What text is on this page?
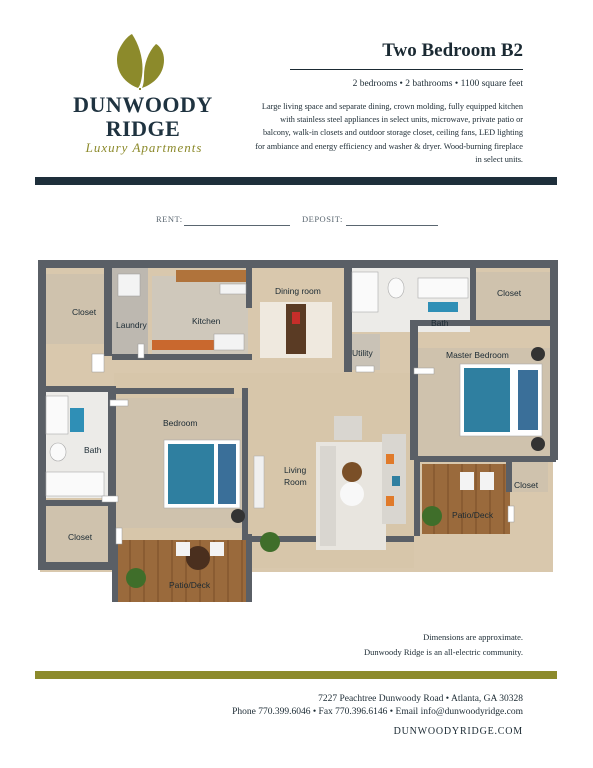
DUNWOODY
RIDGE
Luxury Apartments
Two Bedroom B2
2 bedrooms • 2 bathrooms • 1100 square feet
Large living space and separate dining, crown molding, fully equipped kitchen with stainless steel appliances in select units, microwave, private patio or balcony, walk-in closets and outdoor storage closet, ceiling fans, LED lighting for ambiance and energy efficiency and washer & dryer. Wood-burning fireplace in select units.
RENT:	DEPOSIT:
Closet
Laundry	Kitchen
Dining room
Bath
Closet
Utility	Master Bedroom
Bedroom
Bath
Living
Room	Closet
Patio/Deck
Closet
Patio/Deck
Dimensions are approximate.
Dunwoody Ridge is an all-electric community.
7227 Peachtree Dunwoody Road • Atlanta, GA 30328
Phone 770.399.6046 • Fax 770.396.6146 • Email info@dunwoodyridge.com
DUNWOODYRIDGE.COM
